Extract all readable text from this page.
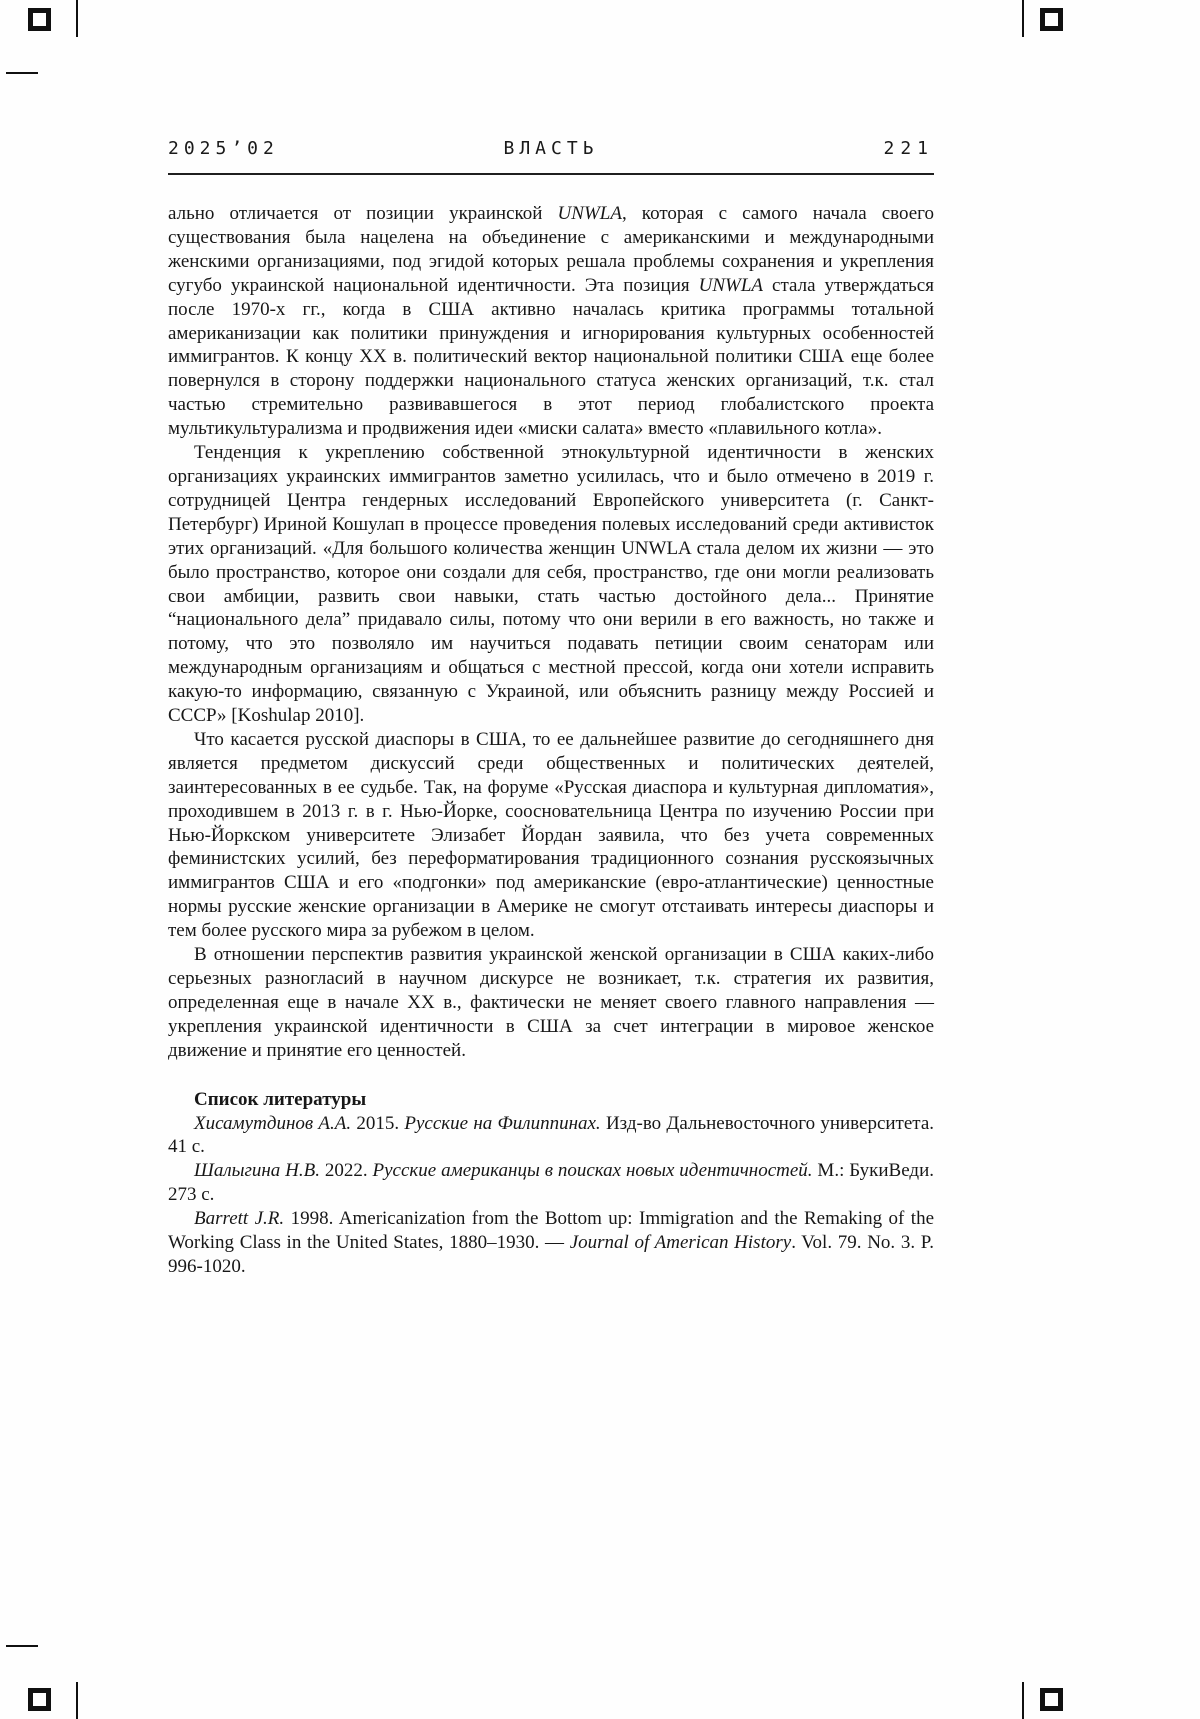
2025’02	ВЛАСТЬ	221

ально отличается от позиции украинской UNWLA, которая с самого начала своего существования была нацелена на объединение с американскими и международными женскими организациями, под эгидой которых решала проблемы сохранения и укрепления сугубо украинской национальной идентичности. Эта позиция UNWLA стала утверждаться после 1970-х гг., когда в США активно началась критика программы тотальной американизации как политики принуждения и игнорирования культурных особенностей иммигрантов. К концу XX в. политический вектор национальной политики США еще более повернулся в сторону поддержки национального статуса женских организаций, т.к. стал частью стремительно развивавшегося в этот период глобалистского проекта мультикультурализма и продвижения идеи «миски салата» вместо «плавильного котла».

Тенденция к укреплению собственной этнокультурной идентичности в женских организациях украинских иммигрантов заметно усилилась, что и было отмечено в 2019 г. сотрудницей Центра гендерных исследований Европейского университета (г. Санкт-Петербург) Ириной Кошулап в процессе проведения полевых исследований среди активисток этих организаций. «Для большого количества женщин UNWLA стала делом их жизни — это было пространство, которое они создали для себя, пространство, где они могли реализовать свои амбиции, развить свои навыки, стать частью достойного дела... Принятие “национального дела” придавало силы, потому что они верили в его важность, но также и потому, что это позволяло им научиться подавать петиции своим сенаторам или международным организациям и общаться с местной прессой, когда они хотели исправить какую-то информацию, связанную с Украиной, или объяснить разницу между Россией и СССР» [Koshulap 2010].

Что касается русской диаспоры в США, то ее дальнейшее развитие до сегодняшнего дня является предметом дискуссий среди общественных и политических деятелей, заинтересованных в ее судьбе. Так, на форуме «Русская диаспора и культурная дипломатия», проходившем в 2013 г. в г. Нью-Йорке, соосновательница Центра по изучению России при Нью-Йоркском университете Элизабет Йордан заявила, что без учета современных феминистских усилий, без переформатирования традиционного сознания русскоязычных иммигрантов США и его «подгонки» под американские (евро-атлантические) ценностные нормы русские женские организации в Америке не смогут отстаивать интересы диаспоры и тем более русского мира за рубежом в целом.

В отношении перспектив развития украинской женской организации в США каких-либо серьезных разногласий в научном дискурсе не возникает, т.к. стратегия их развития, определенная еще в начале XX в., фактически не меняет своего главного направления — укрепления украинской идентичности в США за счет интеграции в мировое женское движение и принятие его ценностей.

Список литературы

Хисамутдинов А.А. 2015. Русские на Филиппинах. Изд-во Дальневосточного университета. 41 с.

Шалыгина Н.В. 2022. Русские американцы в поисках новых идентичностей. М.: БукиВеди. 273 с.

Barrett J.R. 1998. Americanization from the Bottom up: Immigration and the Remaking of the Working Class in the United States, 1880–1930. — Journal of American History. Vol. 79. No. 3. P. 996-1020.
